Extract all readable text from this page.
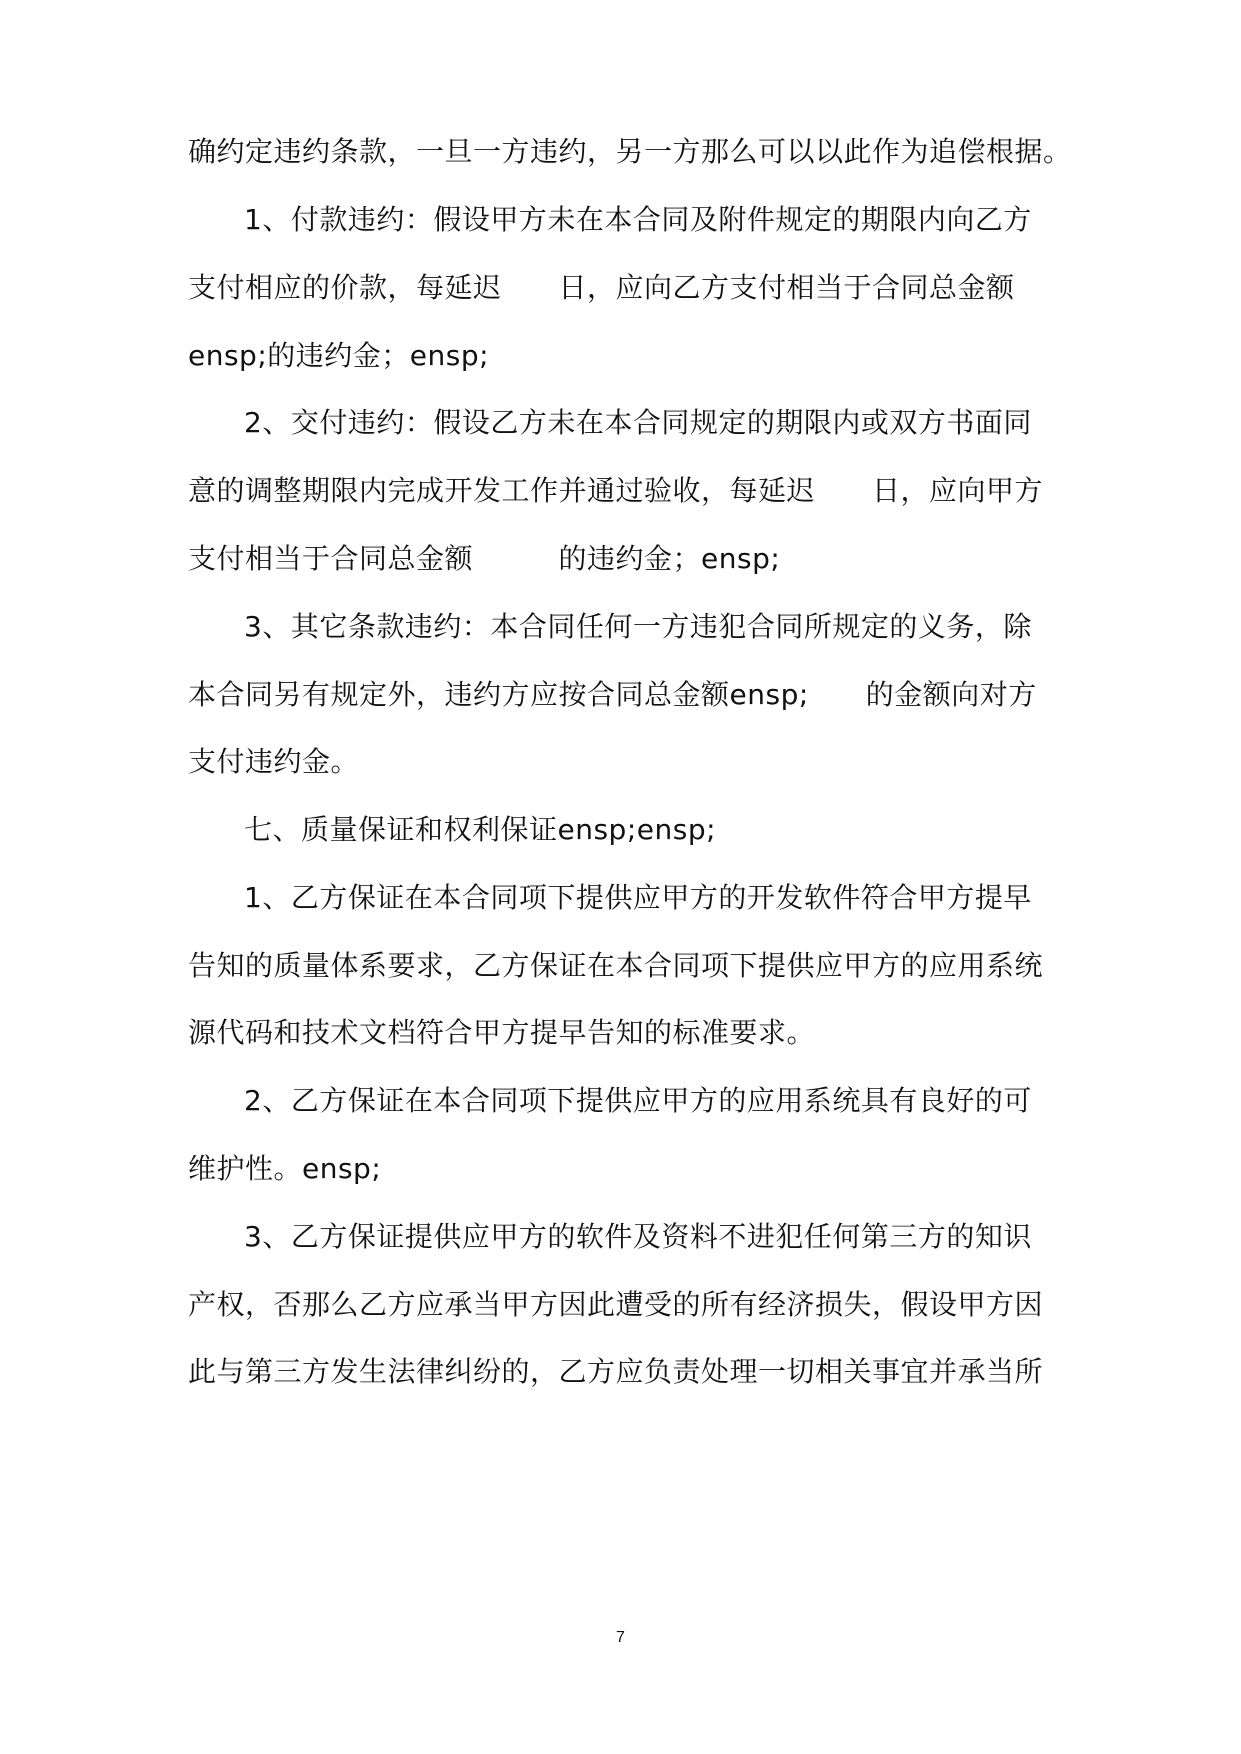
确约定违约条款，一旦一方违约，另一方那么可以以此作为追偿根据。
1、付款违约：假设甲方未在本合同及附件规定的期限内向乙方
支付相应的价款，每延迟　　日，应向乙方支付相当于合同总金额
ensp;的违约金；ensp;
2、交付违约：假设乙方未在本合同规定的期限内或双方书面同
意的调整期限内完成开发工作并通过验收，每延迟　　日，应向甲方
支付相当于合同总金额　　　的违约金；ensp;
3、其它条款违约：本合同任何一方违犯合同所规定的义务，除
本合同另有规定外，违约方应按合同总金额ensp;　　的金额向对方
支付违约金。
七、质量保证和权利保证ensp;ensp;
1、乙方保证在本合同项下提供应甲方的开发软件符合甲方提早
告知的质量体系要求，乙方保证在本合同项下提供应甲方的应用系统
源代码和技术文档符合甲方提早告知的标准要求。
2、乙方保证在本合同项下提供应甲方的应用系统具有良好的可
维护性。ensp;
3、乙方保证提供应甲方的软件及资料不进犯任何第三方的知识
产权，否那么乙方应承当甲方因此遭受的所有经济损失，假设甲方因
此与第三方发生法律纠纷的，乙方应负责处理一切相关事宜并承当所
7
